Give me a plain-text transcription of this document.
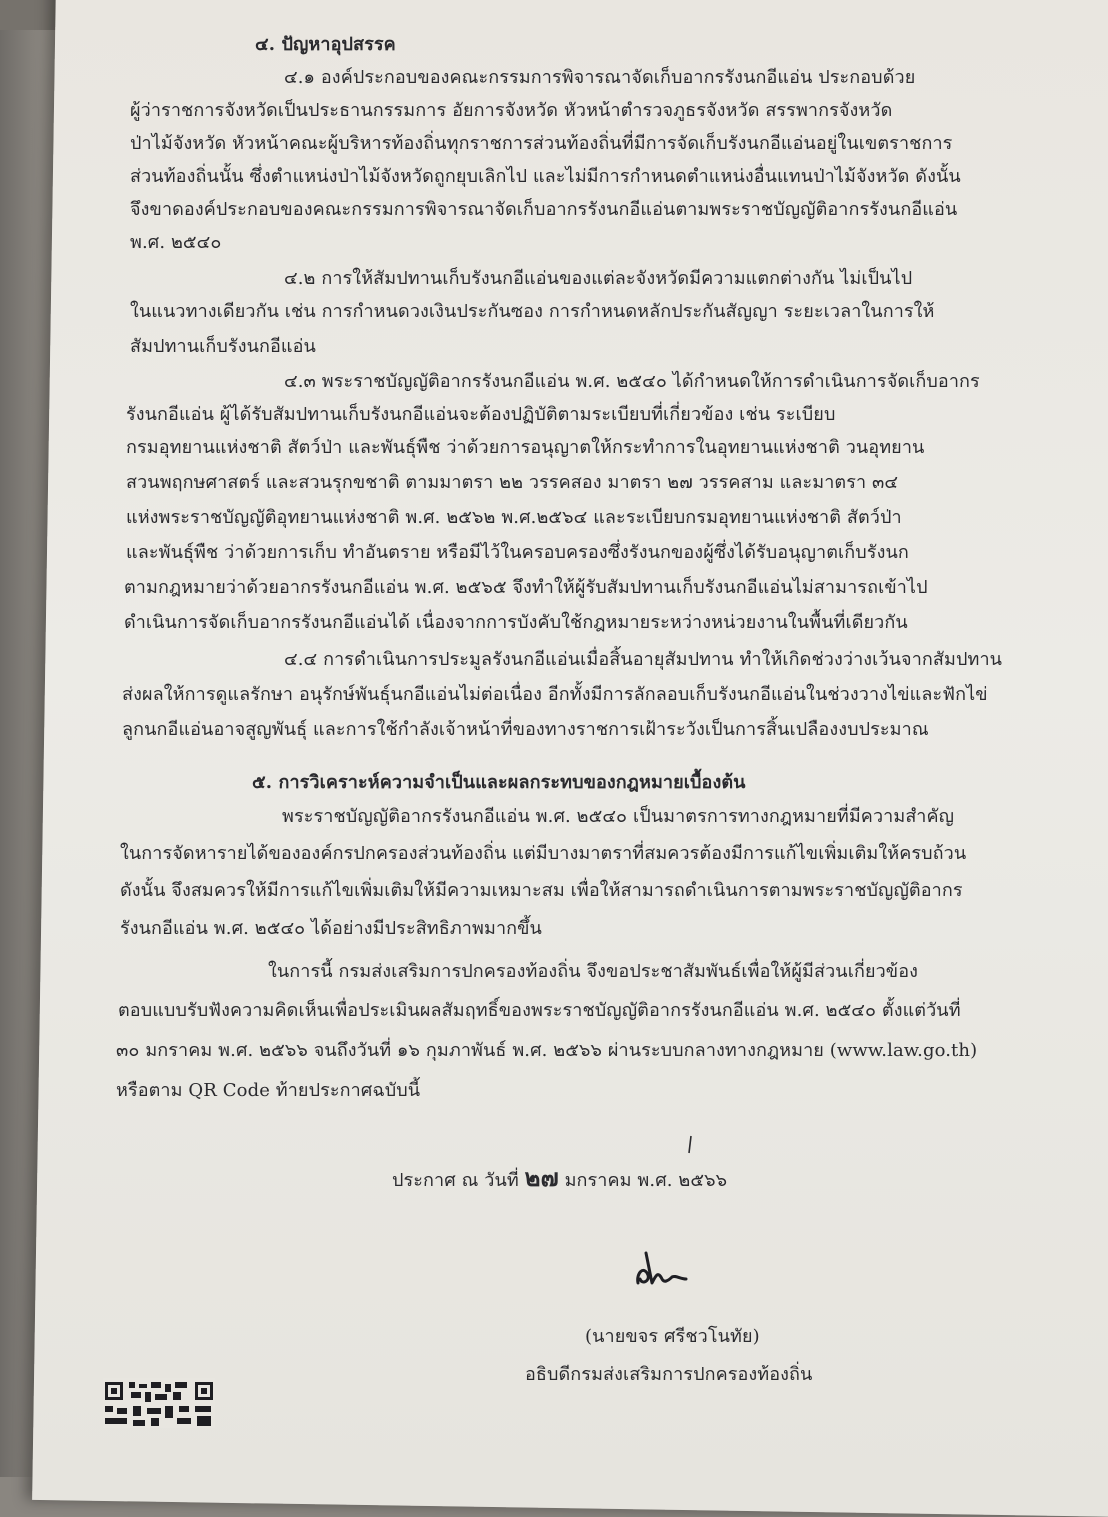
๔. ปัญหาอุปสรรค
๔.๑ องค์ประกอบของคณะกรรมการพิจารณาจัดเก็บอากรรังนกอีแอ่น ประกอบด้วย
ผู้ว่าราชการจังหวัดเป็นประธานกรรมการ อัยการจังหวัด หัวหน้าตำรวจภูธรจังหวัด สรรพากรจังหวัด
ป่าไม้จังหวัด หัวหน้าคณะผู้บริหารท้องถิ่นทุกราชการส่วนท้องถิ่นที่มีการจัดเก็บรังนกอีแอ่นอยู่ในเขตราชการ
ส่วนท้องถิ่นนั้น ซึ่งตำแหน่งป่าไม้จังหวัดถูกยุบเลิกไป และไม่มีการกำหนดตำแหน่งอื่นแทนป่าไม้จังหวัด ดังนั้น
จึงขาดองค์ประกอบของคณะกรรมการพิจารณาจัดเก็บอากรรังนกอีแอ่นตามพระราชบัญญัติอากรรังนกอีแอ่น
พ.ศ. ๒๕๔๐
๔.๒ การให้สัมปทานเก็บรังนกอีแอ่นของแต่ละจังหวัดมีความแตกต่างกัน ไม่เป็นไป
ในแนวทางเดียวกัน เช่น การกำหนดวงเงินประกันซอง การกำหนดหลักประกันสัญญา ระยะเวลาในการให้
สัมปทานเก็บรังนกอีแอ่น
๔.๓ พระราชบัญญัติอากรรังนกอีแอ่น พ.ศ. ๒๕๔๐ ได้กำหนดให้การดำเนินการจัดเก็บอากร
รังนกอีแอ่น ผู้ได้รับสัมปทานเก็บรังนกอีแอ่นจะต้องปฏิบัติตามระเบียบที่เกี่ยวข้อง เช่น ระเบียบ
กรมอุทยานแห่งชาติ สัตว์ป่า และพันธุ์พืช ว่าด้วยการอนุญาตให้กระทำการในอุทยานแห่งชาติ วนอุทยาน
สวนพฤกษศาสตร์ และสวนรุกขชาติ ตามมาตรา ๒๒ วรรคสอง มาตรา ๒๗ วรรคสาม และมาตรา ๓๔
แห่งพระราชบัญญัติอุทยานแห่งชาติ พ.ศ. ๒๕๖๒ พ.ศ.๒๕๖๔ และระเบียบกรมอุทยานแห่งชาติ สัตว์ป่า
และพันธุ์พืช ว่าด้วยการเก็บ ทำอันตราย หรือมีไว้ในครอบครองซึ่งรังนกของผู้ซึ่งได้รับอนุญาตเก็บรังนก
ตามกฎหมายว่าด้วยอากรรังนกอีแอ่น พ.ศ. ๒๕๖๕ จึงทำให้ผู้รับสัมปทานเก็บรังนกอีแอ่นไม่สามารถเข้าไป
ดำเนินการจัดเก็บอากรรังนกอีแอ่นได้ เนื่องจากการบังคับใช้กฎหมายระหว่างหน่วยงานในพื้นที่เดียวกัน
๔.๔ การดำเนินการประมูลรังนกอีแอ่นเมื่อสิ้นอายุสัมปทาน ทำให้เกิดช่วงว่างเว้นจากสัมปทาน
ส่งผลให้การดูแลรักษา อนุรักษ์พันธุ์นกอีแอ่นไม่ต่อเนื่อง อีกทั้งมีการลักลอบเก็บรังนกอีแอ่นในช่วงวางไข่และฟักไข่
ลูกนกอีแอ่นอาจสูญพันธุ์ และการใช้กำลังเจ้าหน้าที่ของทางราชการเฝ้าระวังเป็นการสิ้นเปลืองงบประมาณ
๕. การวิเคราะห์ความจำเป็นและผลกระทบของกฎหมายเบื้องต้น
พระราชบัญญัติอากรรังนกอีแอ่น พ.ศ. ๒๕๔๐ เป็นมาตรการทางกฎหมายที่มีความสำคัญ
ในการจัดหารายได้ขององค์กรปกครองส่วนท้องถิ่น แต่มีบางมาตราที่สมควรต้องมีการแก้ไขเพิ่มเติมให้ครบถ้วน
ดังนั้น จึงสมควรให้มีการแก้ไขเพิ่มเติมให้มีความเหมาะสม เพื่อให้สามารถดำเนินการตามพระราชบัญญัติอากร
รังนกอีแอ่น พ.ศ. ๒๕๔๐ ได้อย่างมีประสิทธิภาพมากขึ้น
ในการนี้ กรมส่งเสริมการปกครองท้องถิ่น จึงขอประชาสัมพันธ์เพื่อให้ผู้มีส่วนเกี่ยวข้อง
ตอบแบบรับฟังความคิดเห็นเพื่อประเมินผลสัมฤทธิ์ของพระราชบัญญัติอากรรังนกอีแอ่น พ.ศ. ๒๕๔๐ ตั้งแต่วันที่
๓๐ มกราคม พ.ศ. ๒๕๖๖ จนถึงวันที่ ๑๖ กุมภาพันธ์ พ.ศ. ๒๕๖๖ ผ่านระบบกลางทางกฎหมาย (www.law.go.th)
หรือตาม QR Code ท้ายประกาศฉบับนี้
ประกาศ ณ วันที่ ๒๗ มกราคม พ.ศ. ๒๕๖๖
(นายขจร ศรีชวโนทัย)
อธิบดีกรมส่งเสริมการปกครองท้องถิ่น
